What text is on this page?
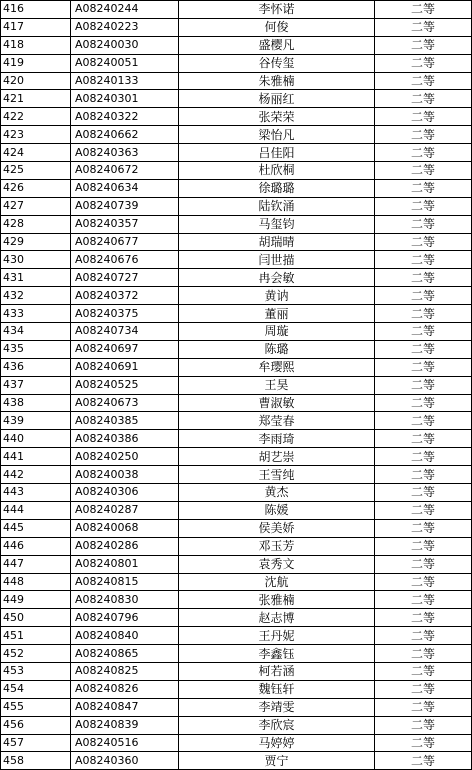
416	A08240244	李怀诺	二等
417	A08240223	何俊	二等
418	A08240030	盛樱凡	二等
419	A08240051	谷传玺	二等
420	A08240133	朱雅楠	二等
421	A08240301	杨丽红	二等
422	A08240322	张荣荣	二等
423	A08240662	梁怡凡	二等
424	A08240363	吕佳阳	二等
425	A08240672	杜欣桐	二等
426	A08240634	徐璐璐	二等
427	A08240739	陆钦涌	二等
428	A08240357	马玺钧	二等
429	A08240677	胡瑞晴	二等
430	A08240676	闫世描	二等
431	A08240727	冉会敏	二等
432	A08240372	黄讷	二等
433	A08240375	董丽	二等
434	A08240734	周璇	二等
435	A08240697	陈璐	二等
436	A08240691	牟璎熙	二等
437	A08240525	王昊	二等
438	A08240673	曹淑敏	二等
439	A08240385	郑莹春	二等
440	A08240386	李雨琦	二等
441	A08240250	胡艺崇	二等
442	A08240038	王雪纯	二等
443	A08240306	黄杰	二等
444	A08240287	陈媛	二等
445	A08240068	侯美娇	二等
446	A08240286	邓玉芳	二等
447	A08240801	袁秀文	二等
448	A08240815	沈航	二等
449	A08240830	张雅楠	二等
450	A08240796	赵志博	二等
451	A08240840	王丹妮	二等
452	A08240865	李鑫钰	二等
453	A08240825	柯若涵	二等
454	A08240826	魏钰轩	二等
455	A08240847	李靖雯	二等
456	A08240839	李欣宸	二等
457	A08240516	马婷婷	二等
458	A08240360	贾宁	二等
